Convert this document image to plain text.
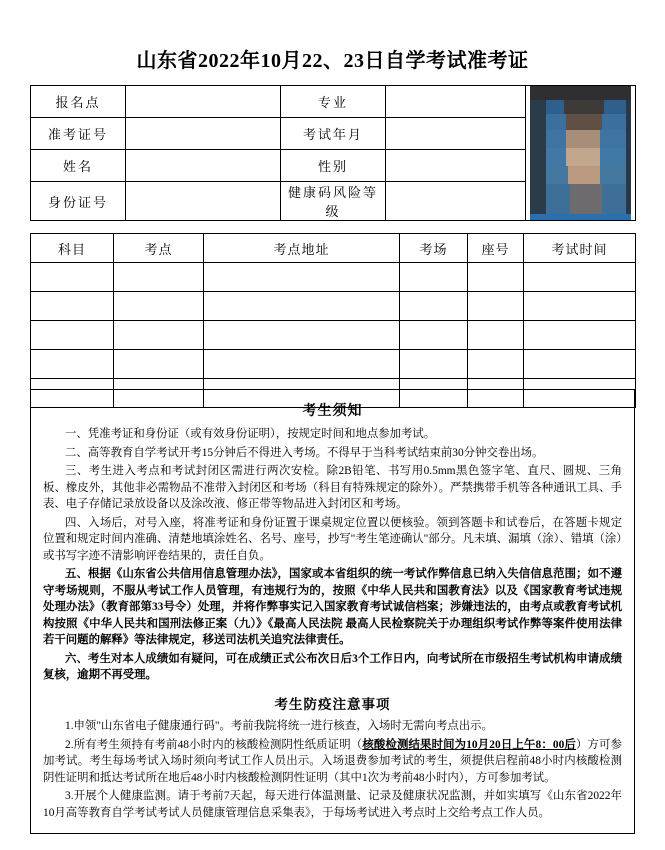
山东省2022年10月22、23日自学考试准考证
报名点		专业		

准考证号		考试年月		
姓名		性别		
身份证号		健康码风险等级		
科目	考点	考点地址	考场	座号	考试时间

考生须知

一、凭准考证和身份证（或有效身份证明），按规定时间和地点参加考试。

二、高等教育自学考试开考15分钟后不得进入考场。不得早于当科考试结束前30分钟交卷出场。

三、考生进入考点和考试封闭区需进行两次安检。除2B铅笔、书写用0.5mm黑色签字笔、直尺、圆规、三角板、橡皮外，其他非必需物品不准带入封闭区和考场（科目有特殊规定的除外）。严禁携带手机等各种通讯工具、手表、电子存储记录放设备以及涂改液、修正带等物品进入封闭区和考场。

四、入场后，对号入座，将准考证和身份证置于课桌规定位置以便核验。领到答题卡和试卷后，在答题卡规定位置和规定时间内准确、清楚地填涂姓名、名号、座号，抄写"考生笔迹确认"部分。凡未填、漏填（涂）、错填（涂）或书写字迹不清影响评卷结果的，责任自负。

五、根据《山东省公共信用信息管理办法》，国家或本省组织的统一考试作弊信息已纳入失信信息范围；如不遵守考场规则，不服从考试工作人员管理，有违规行为的，按照《中华人民共和国教育法》以及《国家教育考试违规处理办法》（教育部第33号令）处理，并将作弊事实记入国家教育考试诚信档案；涉嫌违法的，由考点或教育考试机构按照《中华人民共和国刑法修正案（九）》《最高人民法院 最高人民检察院关于办理组织考试作弊等案件使用法律若干问题的解释》等法律规定，移送司法机关追究法律责任。

六、考生对本人成绩如有疑问，可在成绩正式公布次日后3个工作日内，向考试所在市级招生考试机构申请成绩复核，逾期不再受理。

考生防疫注意事项

1.申领"山东省电子健康通行码"。考前我院将统一进行核查，入场时无需向考点出示。

2.所有考生须持有考前48小时内的核酸检测阴性纸质证明（核酸检测结果时间为10月20日上午8：00后）方可参加考试。考生每场考试入场时须向考试工作人员出示。入场退费参加考试的考生，须提供启程前48小时内核酸检测阴性证明和抵达考试所在地后48小时内核酸检测阴性证明（其中1次为考前48小时内），方可参加考试。

3.开展个人健康监测。请于考前7天起，每天进行体温测量、记录及健康状况监测，并如实填写《山东省2022年10月高等教育自学考试考试人员健康管理信息采集表》，于每场考试进入考点时上交给考点工作人员。
